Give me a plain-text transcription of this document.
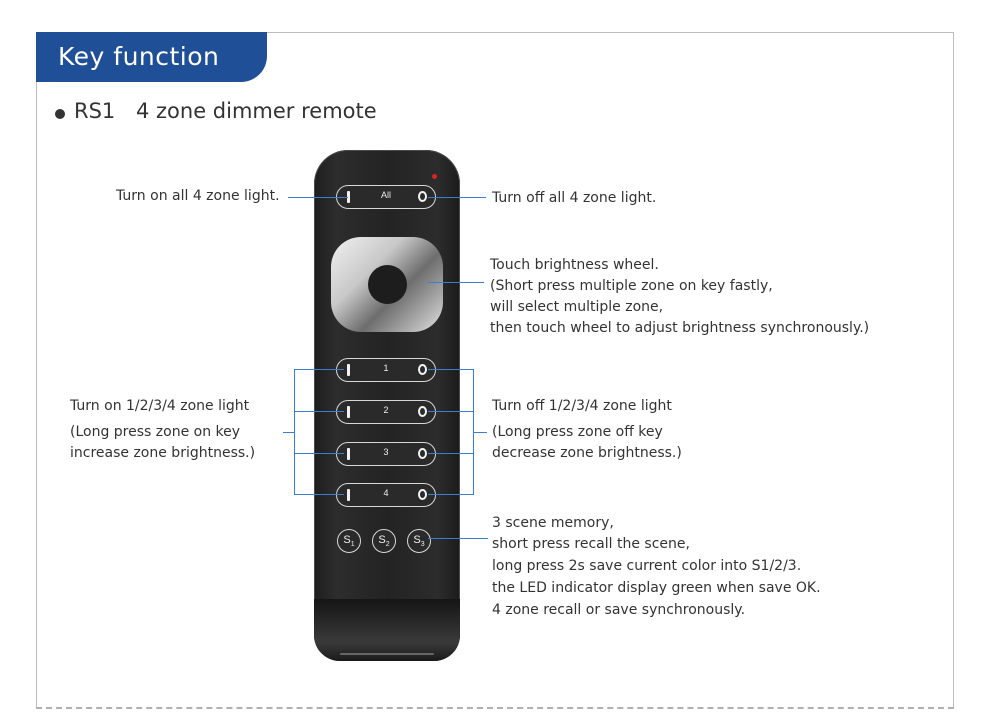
Key function
RS1 4 zone dimmer remote
All
1
2
3
4
$S_1$	$S_2$	$S_3$
Turn on all 4 zone light.	Turn off all 4 zone light.
Touch brightness wheel.
(Short press multiple zone on key fastly,
will select multiple zone,
then touch wheel to adjust brightness synchronously.)
Turn on 1/2/3/4 zone light
(Long press zone on key
increase zone brightness.)
Turn off 1/2/3/4 zone light
(Long press zone off key
decrease zone brightness.)
3 scene memory,
short press recall the scene,
long press 2s save current color into S1/2/3.
the LED indicator display green when save OK.
4 zone recall or save synchronously.
